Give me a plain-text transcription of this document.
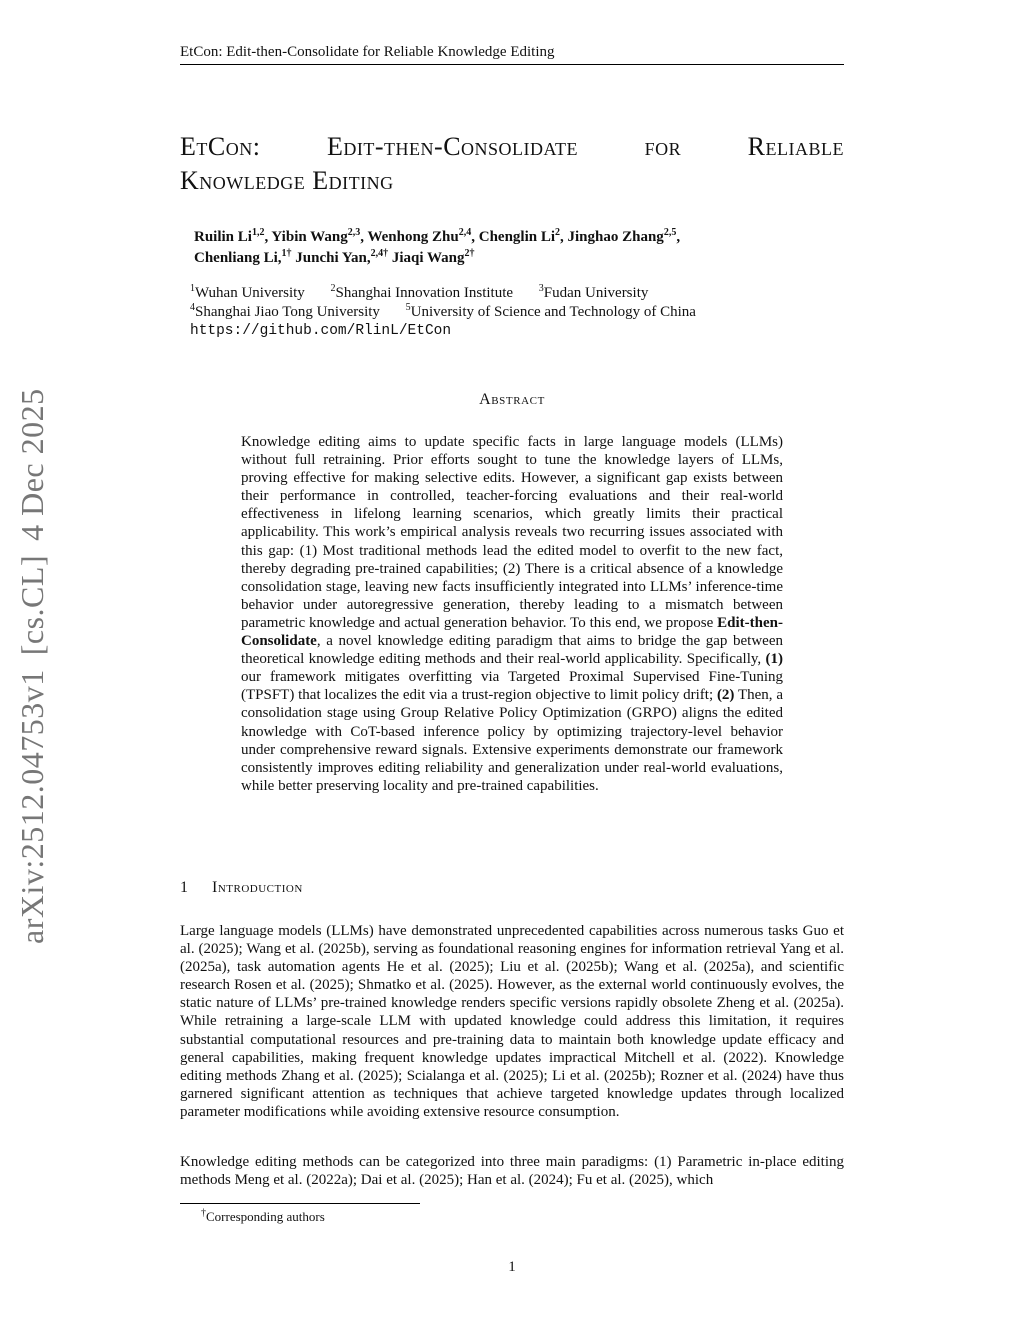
EtCon: Edit-then-Consolidate for Reliable Knowledge Editing
EtCon:	Edit-then-Consolidate	for	Reliable
Knowledge Editing
Ruilin Li$^{1,2}$, Yibin Wang$^{2,3}$, Wenhong Zhu$^{2,4}$, Chenglin Li$^2$, Jinghao Zhang$^{2,5}$,
Chenliang Li,$^{1\dagger}$ Junchi Yan,$^{2,4\dagger}$ Jiaqi Wang$^{2\dagger}$
$^1$Wuhan University	$^2$Shanghai Innovation Institute	$^3$Fudan University
$^4$Shanghai Jiao Tong University	$^5$University of Science and Technology of China
https://github.com/RlinL/EtCon
Abstract
Knowledge editing aims to update specific facts in large language models (LLMs) without full retraining. Prior efforts sought to tune the knowledge layers of LLMs, proving effective for making selective edits. However, a significant gap exists between their performance in controlled, teacher-forcing evaluations and their real-world effectiveness in lifelong learning scenarios, which greatly limits their practical applicability. This work’s empirical analysis reveals two recurring issues associated with this gap: (1) Most traditional methods lead the edited model to overfit to the new fact, thereby degrading pre-trained capabilities; (2) There is a critical absence of a knowledge consolidation stage, leaving new facts insufficiently integrated into LLMs’ inference-time behavior under autoregressive generation, thereby leading to a mismatch between parametric knowledge and actual generation behavior. To this end, we propose Edit-then-Consolidate, a novel knowledge editing paradigm that aims to bridge the gap between theoretical knowledge editing methods and their real-world applicability. Specifically, (1) our framework mitigates overfitting via Targeted Proximal Supervised Fine-Tuning (TPSFT) that localizes the edit via a trust-region objective to limit policy drift; (2) Then, a consolidation stage using Group Relative Policy Optimization (GRPO) aligns the edited knowledge with CoT-based inference policy by optimizing trajectory-level behavior under comprehensive reward signals. Extensive experiments demonstrate our framework consistently improves editing reliability and generalization under real-world evaluations, while better preserving locality and pre-trained capabilities.
1 Introduction
Large language models (LLMs) have demonstrated unprecedented capabilities across numerous tasks Guo et al. (2025); Wang et al. (2025b), serving as foundational reasoning engines for information retrieval Yang et al. (2025a), task automation agents He et al. (2025); Liu et al. (2025b); Wang et al. (2025a), and scientific research Rosen et al. (2025); Shmatko et al. (2025). However, as the external world continuously evolves, the static nature of LLMs’ pre-trained knowledge renders specific versions rapidly obsolete Zheng et al. (2025a). While retraining a large-scale LLM with updated knowledge could address this limitation, it requires substantial computational resources and pre-training data to maintain both knowledge update efficacy and general capabilities, making frequent knowledge updates impractical Mitchell et al. (2022). Knowledge editing methods Zhang et al. (2025); Scialanga et al. (2025); Li et al. (2025b); Rozner et al. (2024) have thus garnered significant attention as techniques that achieve targeted knowledge updates through localized parameter modifications while avoiding extensive resource consumption.
Knowledge editing methods can be categorized into three main paradigms: (1) Parametric in-place editing methods Meng et al. (2022a); Dai et al. (2025); Han et al. (2024); Fu et al. (2025), which
†Corresponding authors
1
arXiv:2512.04753v1[cs.CL]4 Dec 2025
